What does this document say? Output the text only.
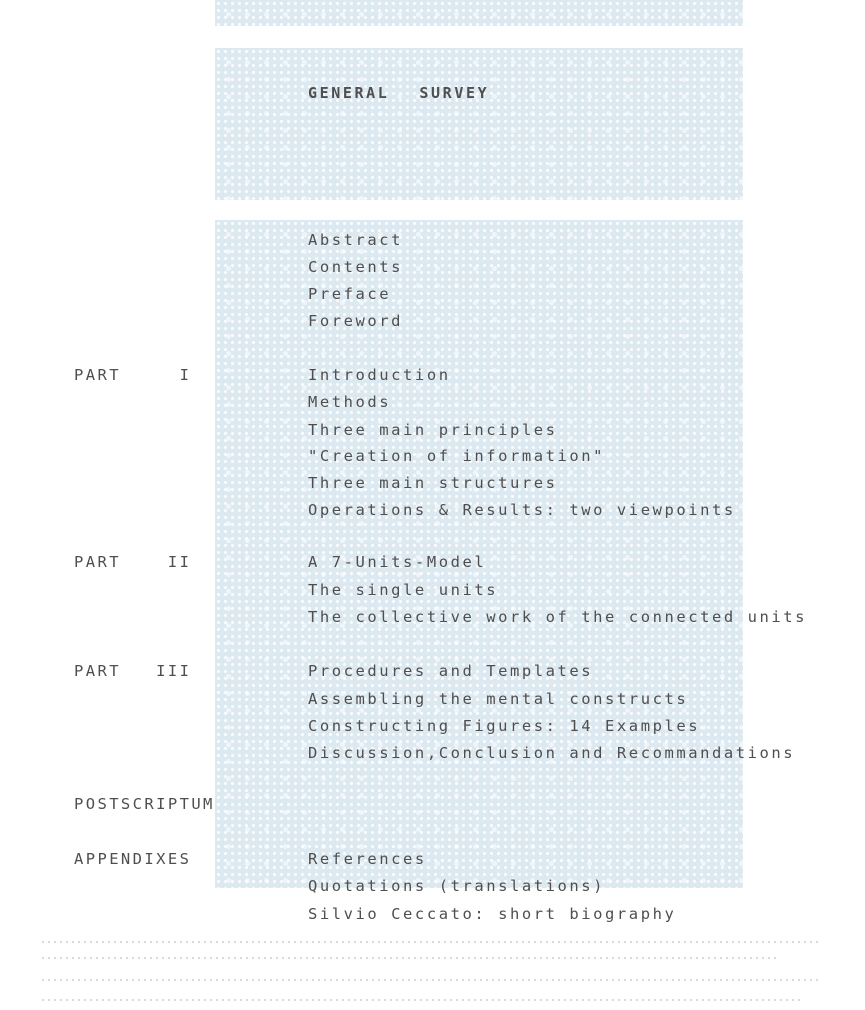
GENERAL SURVEY
Abstract
Contents
Preface
Foreword
PART     I	Introduction
Methods
Three main principles
"Creation of information"
Three main structures
Operations & Results: two viewpoints
PART    II	A 7-Units-Model
The single units
The collective work of the connected units
PART   III	Procedures and Templates
Assembling the mental constructs
Constructing Figures: 14 Examples
Discussion,Conclusion and Recommandations
POSTSCRIPTUM
APPENDIXES	References
Quotations (translations)
Silvio Ceccato: short biography
